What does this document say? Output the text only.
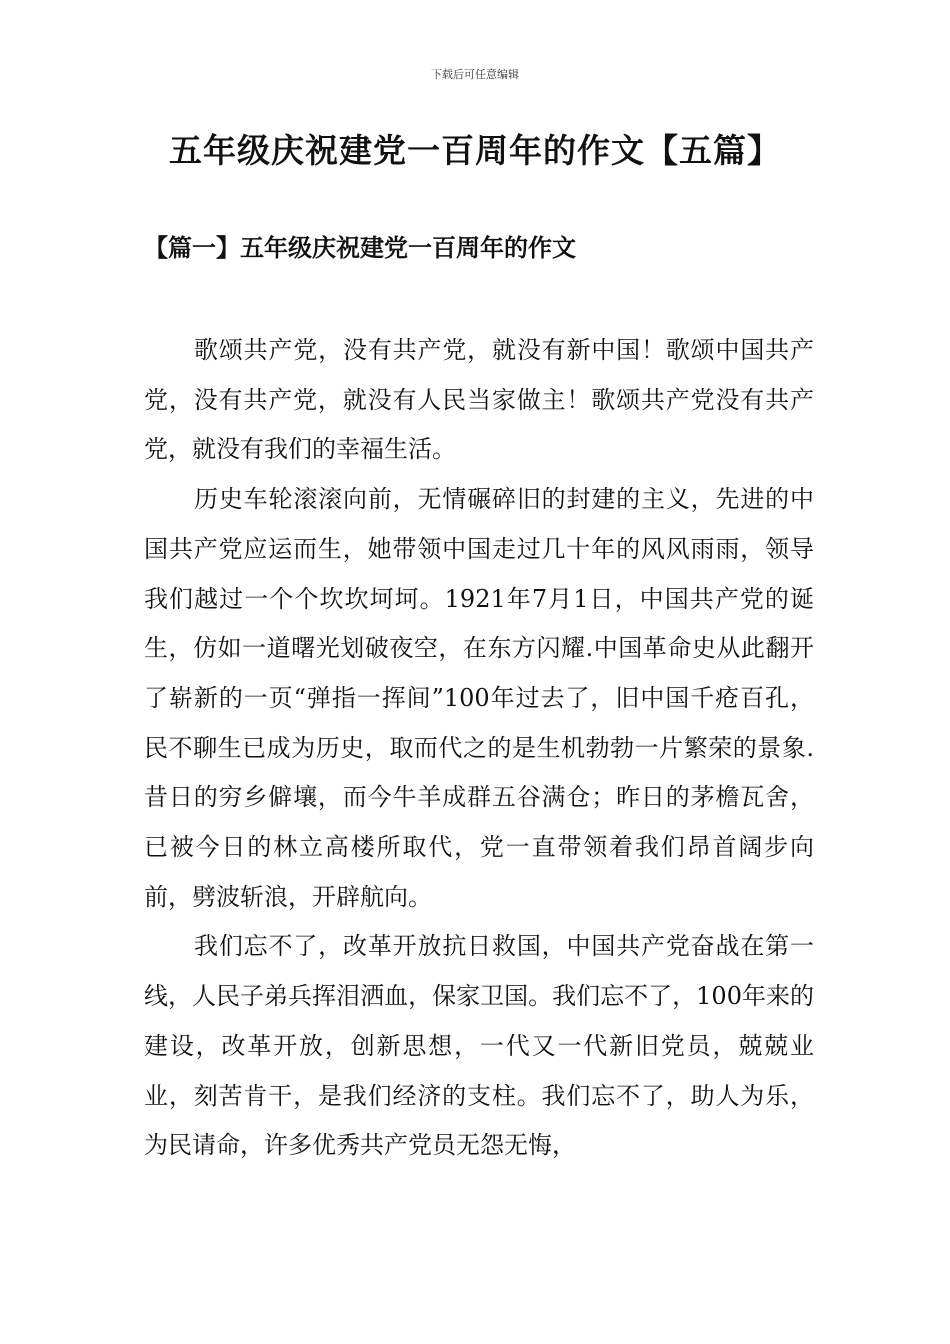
下载后可任意编辑
五年级庆祝建党一百周年的作文【五篇】
【篇一】五年级庆祝建党一百周年的作文

歌颂共产党，没有共产党，就没有新中国！歌颂中国共产党，没有共产党，就没有人民当家做主！歌颂共产党没有共产党，就没有我们的幸福生活。

历史车轮滚滚向前，无情碾碎旧的封建的主义，先进的中国共产党应运而生，她带领中国走过几十年的风风雨雨，领导我们越过一个个坎坎坷坷。1921年7月1日，中国共产党的诞生，仿如一道曙光划破夜空，在东方闪耀.中国革命史从此翻开了崭新的一页“弹指一挥间”100年过去了，旧中国千疮百孔，民不聊生已成为历史，取而代之的是生机勃勃一片繁荣的景象.昔日的穷乡僻壤，而今牛羊成群五谷满仓；昨日的茅檐瓦舍，已被今日的林立高楼所取代，党一直带领着我们昂首阔步向前，劈波斩浪，开辟航向。

我们忘不了，改革开放抗日救国，中国共产党奋战在第一线，人民子弟兵挥泪洒血，保家卫国。我们忘不了，100年来的建设，改革开放，创新思想，一代又一代新旧党员，兢兢业业，刻苦肯干，是我们经济的支柱。我们忘不了，助人为乐，为民请命，许多优秀共产党员无怨无悔，
